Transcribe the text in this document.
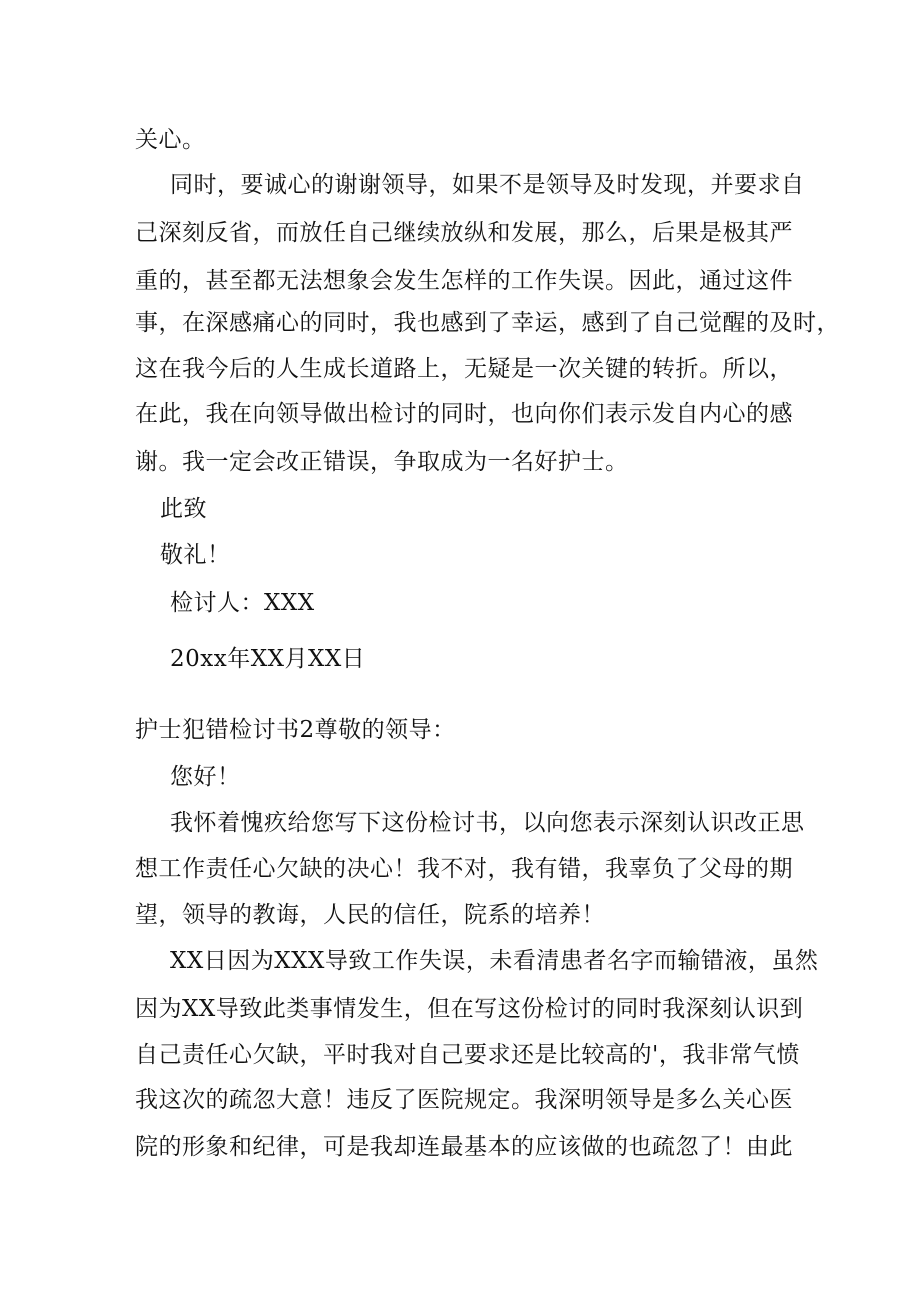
关心。
同时，要诚心的谢谢领导，如果不是领导及时发现，并要求自
己深刻反省，而放任自己继续放纵和发展，那么，后果是极其严
重的，甚至都无法想象会发生怎样的工作失误。因此，通过这件
事，在深感痛心的同时，我也感到了幸运，感到了自己觉醒的及时，
这在我今后的人生成长道路上，无疑是一次关键的转折。所以，
在此，我在向领导做出检讨的同时，也向你们表示发自内心的感
谢。我一定会改正错误，争取成为一名好护士。
此致
敬礼！
检讨人：XXX
20xx年XX月XX日
护士犯错检讨书2尊敬的领导：
您好！
我怀着愧疚给您写下这份检讨书，以向您表示深刻认识改正思
想工作责任心欠缺的决心！我不对，我有错，我辜负了父母的期
望，领导的教诲，人民的信任，院系的培养！
XX日因为XXX导致工作失误，未看清患者名字而输错液，虽然
因为XX导致此类事情发生，但在写这份检讨的同时我深刻认识到
自己责任心欠缺，平时我对自己要求还是比较高的'，我非常气愤
我这次的疏忽大意！违反了医院规定。我深明领导是多么关心医
院的形象和纪律，可是我却连最基本的应该做的也疏忽了！由此
